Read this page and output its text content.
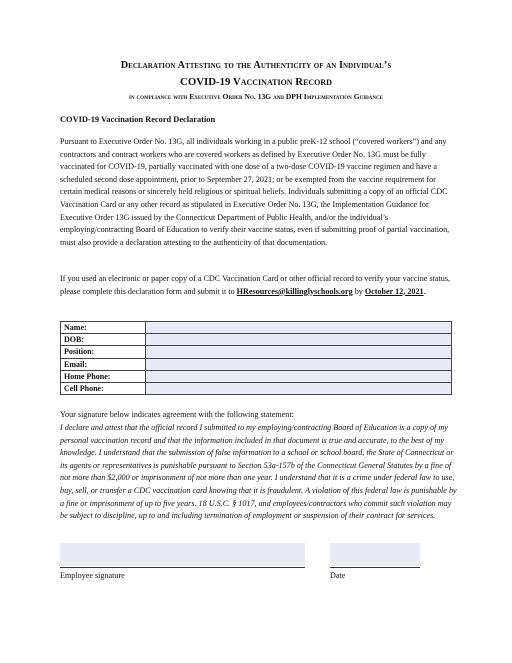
Declaration Attesting to the Authenticity of an Individual’s
COVID-19 Vaccination Record
in compliance with Executive Order No. 13G and DPH Implementation Guidance
COVID-19 Vaccination Record Declaration

Pursuant to Executive Order No. 13G, all individuals working in a public preK-12 school (“covered workers”) and any contractors and contract workers who are covered workers as defined by Executive Order No. 13G must be fully vaccinated for COVID-19, partially vaccinated with one dose of a two-dose COVID-19 vaccine regimen and have a scheduled second dose appointment, prior to September 27, 2021; or be exempted from the vaccine requirement for certain medical reasons or sincerely held religious or spiritual beliefs. Individuals submitting a copy of an official CDC Vaccination Card or any other record as stipulated in Executive Order No. 13G, the Implementation Guidance for Executive Order 13G issued by the Connecticut Department of Public Health, and/or the individual’s employing/contracting Board of Education to verify their vaccine status, even if submitting proof of partial vaccination, must also provide a declaration attesting to the authenticity of that documentation.

If you used an electronic or paper copy of a CDC Vaccination Card or other official record to verify your vaccine status, please complete this declaration form and submit it to HResources@killinglyschools.org by October 12, 2021.

Name:	
DOB:	
Position:	
Email:	
Home Phone:	
Cell Phone:	
Your signature below indicates agreement with the following statement:

I declare and attest that the official record I submitted to my employing/contracting Board of Education is a copy of my personal vaccination record and that the information included in that document is true and accurate, to the best of my knowledge. I understand that the submission of false information to a school or school board, the State of Connecticut or its agents or representatives is punishable pursuant to Section 53a-157b of the Connecticut General Statutes by a fine of not more than $2,000 or imprisonment of not more than one year. I understand that it is a crime under federal law to use, buy, sell, or transfer a CDC vaccination card knowing that it is fraudulent. A violation of this federal law is punishable by a fine or imprisonment of up to five years. 18 U.S.C. § 1017, and employees/contractors who commit such violation may be subject to discipline, up to and including termination of employment or suspension of their contract for services.

Employee signature	Date
